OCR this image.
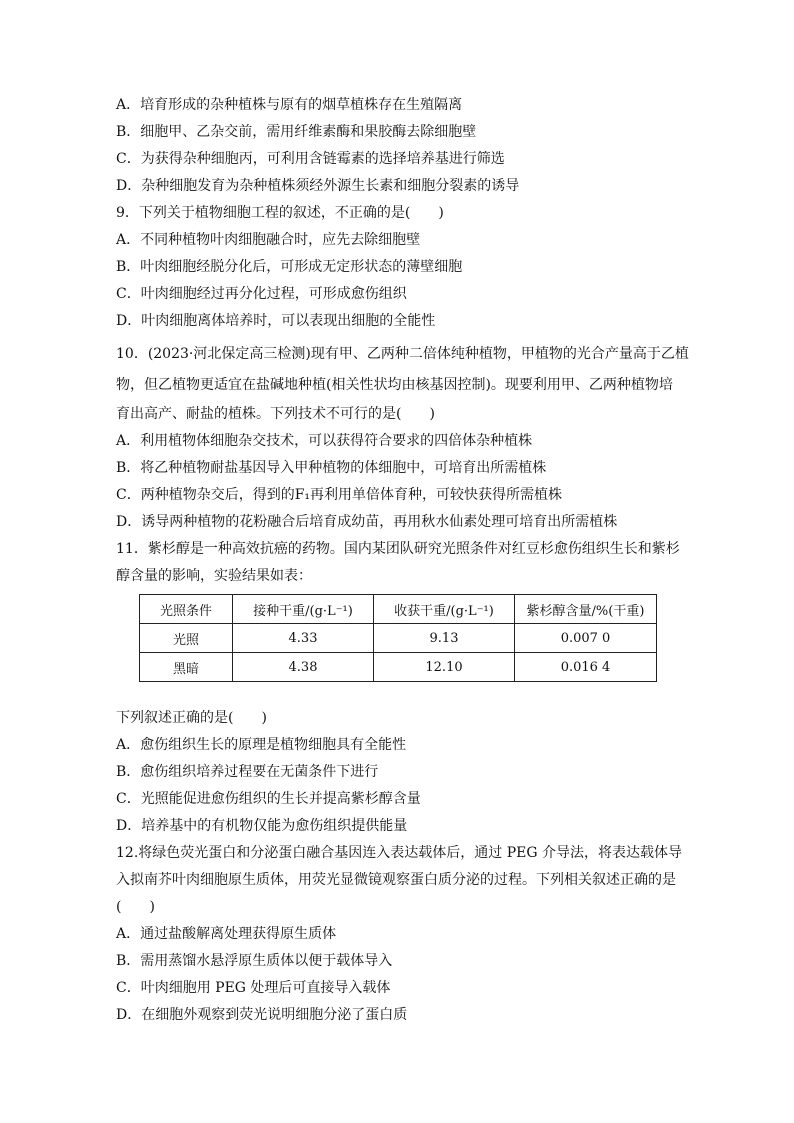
A．培育形成的杂种植株与原有的烟草植株存在生殖隔离
B．细胞甲、乙杂交前，需用纤维素酶和果胶酶去除细胞壁
C．为获得杂种细胞丙，可利用含链霉素的选择培养基进行筛选
D．杂种细胞发育为杂种植株须经外源生长素和细胞分裂素的诱导
9．下列关于植物细胞工程的叙述，不正确的是(　　)
A．不同种植物叶肉细胞融合时，应先去除细胞壁
B．叶肉细胞经脱分化后，可形成无定形状态的薄壁细胞
C．叶肉细胞经过再分化过程，可形成愈伤组织
D．叶肉细胞离体培养时，可以表现出细胞的全能性
10．(2023·河北保定高三检测)现有甲、乙两种二倍体纯种植物，甲植物的光合产量高于乙植
物，但乙植物更适宜在盐碱地种植(相关性状均由核基因控制)。现要利用甲、乙两种植物培
育出高产、耐盐的植株。下列技术不可行的是(　　)
A．利用植物体细胞杂交技术，可以获得符合要求的四倍体杂种植株
B．将乙种植物耐盐基因导入甲种植物的体细胞中，可培育出所需植株
C．两种植物杂交后，得到的F₁再利用单倍体育种，可较快获得所需植株
D．诱导两种植物的花粉融合后培育成幼苗，再用秋水仙素处理可培育出所需植株
11．紫杉醇是一种高效抗癌的药物。国内某团队研究光照条件对红豆杉愈伤组织生长和紫杉
醇含量的影响，实验结果如表：
光照条件	接种干重/(g·L⁻¹)	收获干重/(g·L⁻¹)	紫杉醇含量/%(干重)
光照	4.33	9.13	0.007 0
黑暗	4.38	12.10	0.016 4
下列叙述正确的是(　　)
A．愈伤组织生长的原理是植物细胞具有全能性
B．愈伤组织培养过程要在无菌条件下进行
C．光照能促进愈伤组织的生长并提高紫杉醇含量
D．培养基中的有机物仅能为愈伤组织提供能量
12.将绿色荧光蛋白和分泌蛋白融合基因连入表达载体后，通过 PEG 介导法，将表达载体导
入拟南芥叶肉细胞原生质体，用荧光显微镜观察蛋白质分泌的过程。下列相关叙述正确的是
(　　)
A．通过盐酸解离处理获得原生质体
B．需用蒸馏水悬浮原生质体以便于载体导入
C．叶肉细胞用 PEG 处理后可直接导入载体
D．在细胞外观察到荧光说明细胞分泌了蛋白质
